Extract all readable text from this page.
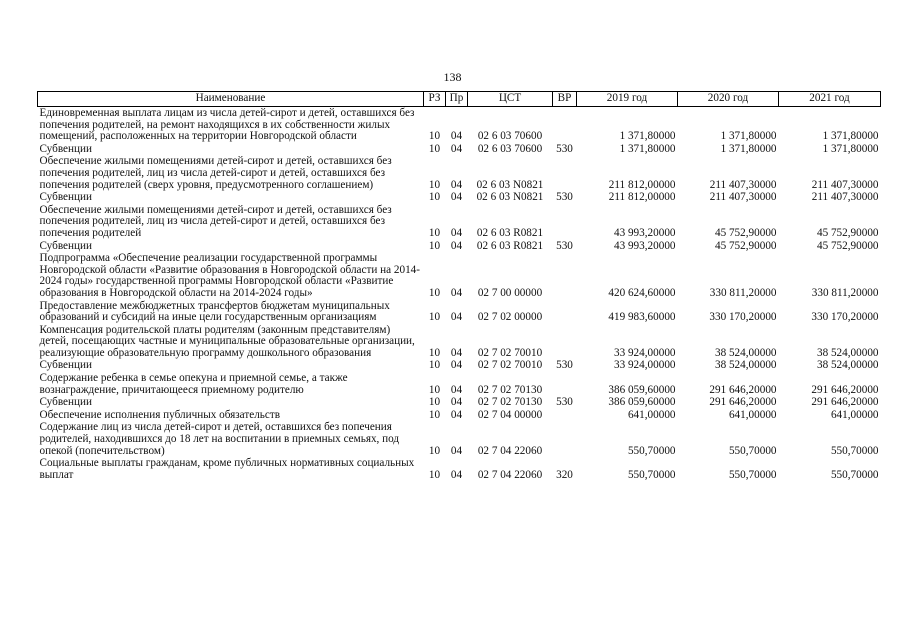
138
Наименование	РЗ	Пр	ЦСТ	ВР	2019 год	2020 год	2021 год
Единовременная выплата лицам из числа детей-сирот и детей, оставшихся без попечения родителей, на ремонт находящихся в их собственности жилых помещений, расположенных на территории Новгородской области	10	04	02 6 03 70600		1 371,80000	1 371,80000	1 371,80000
Субвенции	10	04	02 6 03 70600	530	1 371,80000	1 371,80000	1 371,80000
Обеспечение жилыми помещениями детей-сирот и детей, оставшихся без попечения родителей, лиц из числа детей-сирот и детей, оставшихся без попечения родителей (сверх уровня, предусмотренного соглашением)	10	04	02 6 03 N0821		211 812,00000	211 407,30000	211 407,30000
Субвенции	10	04	02 6 03 N0821	530	211 812,00000	211 407,30000	211 407,30000
Обеспечение жилыми помещениями детей-сирот и детей, оставшихся без попечения родителей, лиц из числа детей-сирот и детей, оставшихся без попечения родителей	10	04	02 6 03 R0821		43 993,20000	45 752,90000	45 752,90000
Субвенции	10	04	02 6 03 R0821	530	43 993,20000	45 752,90000	45 752,90000
Подпрограмма «Обеспечение реализации государственной программы Новгородской области «Развитие образования в Новгородской области на 2014-2024 годы» государственной программы Новгородской области «Развитие образования в Новгородской области на 2014-2024 годы»	10	04	02 7 00 00000		420 624,60000	330 811,20000	330 811,20000
Предоставление межбюджетных трансфертов бюджетам муниципальных образований и субсидий на иные цели государственным организациям	10	04	02 7 02 00000		419 983,60000	330 170,20000	330 170,20000
Компенсация родительской платы родителям (законным представителям) детей, посещающих частные и муниципальные образовательные организации, реализующие образовательную программу дошкольного образования	10	04	02 7 02 70010		33 924,00000	38 524,00000	38 524,00000
Субвенции	10	04	02 7 02 70010	530	33 924,00000	38 524,00000	38 524,00000
Содержание ребенка в семье опекуна и приемной семье, а также вознаграждение, причитающееся приемному родителю	10	04	02 7 02 70130		386 059,60000	291 646,20000	291 646,20000
Субвенции	10	04	02 7 02 70130	530	386 059,60000	291 646,20000	291 646,20000
Обеспечение исполнения публичных обязательств	10	04	02 7 04 00000		641,00000	641,00000	641,00000
Содержание лиц из числа детей-сирот и детей, оставшихся без попечения родителей, находившихся до 18 лет на воспитании в приемных семьях, под опекой (попечительством)	10	04	02 7 04 22060		550,70000	550,70000	550,70000
Социальные выплаты гражданам, кроме публичных нормативных социальных выплат	10	04	02 7 04 22060	320	550,70000	550,70000	550,70000
